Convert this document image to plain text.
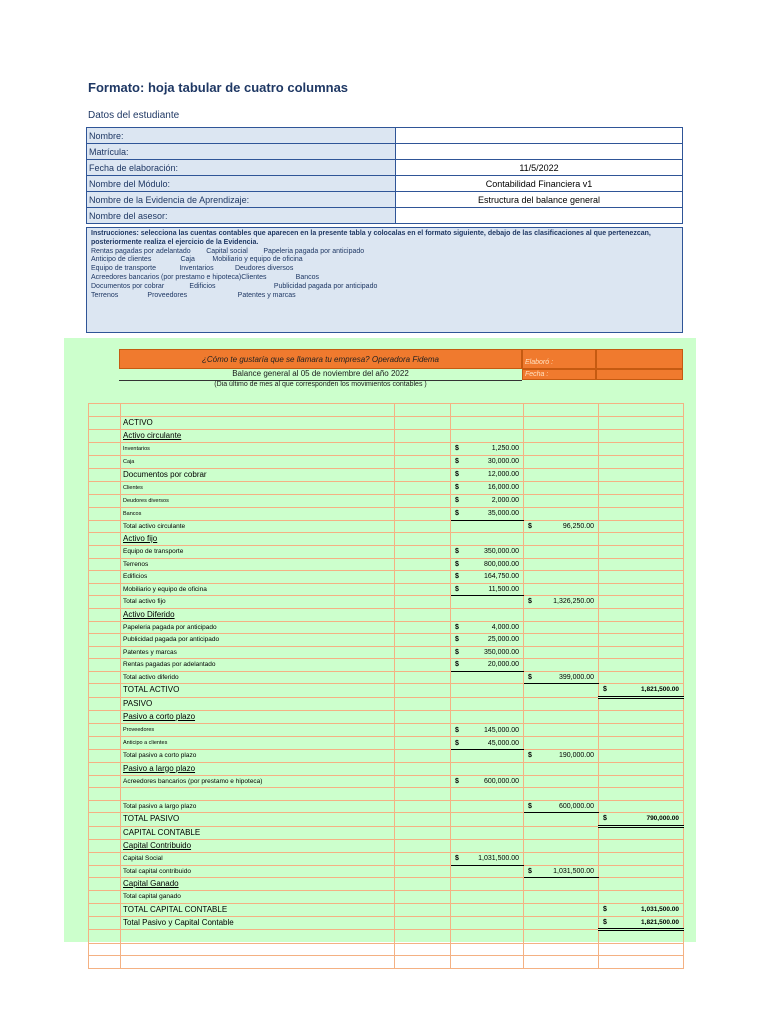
Formato: hoja tabular de cuatro columnas
Datos del estudiante
Nombre:	
Matrícula:	
Fecha de elaboración:	11/5/2022
Nombre del Módulo:	Contabilidad Financiera v1
Nombre de la Evidencia de Aprendizaje:	Estructura del balance general
Nombre del asesor:	
Instrucciones: selecciona las cuentas contables que aparecen en la presente tabla y colocalas en el formato siguiente, debajo de las clasificaciones al que pertenezcan, posteriormente realiza el ejercicio de la Evidencia.
Rentas pagadas por adelantado        Capital social        Papeleria pagada por anticipado
Anticipo de clientes               Caja         Mobiliario y equipo de oficina
Equipo de transporte            Inventarios           Deudores diversos
Acreedores bancarios (por prestamo e hipoteca)Clientes               Bancos
Documentos por cobrar             Edificios                              Publicidad pagada por anticipado
Terrenos               Proveedores                          Patentes y marcas
¿Cómo te gustaría que se llamara tu empresa? Operadora Fidema	Elaboró :
Fecha :
Balance general al 05 de noviembre del año 2022
(Dia último de mes al que corresponden los movimientos contables )

	ACTIVO				
	Activo circulante				
	Inventarios		$ 1,250.00		

	Caja		$ 30,000.00		

	Documentos por cobrar		$ 12,000.00		

	Clientes		$ 16,000.00		

	Deudores diversos		$ 2,000.00		

	Bancos		$ 35,000.00		

	Total activo circulante			$ 96,250.00	

	Activo fijo				
	Equipo de transporte		$ 350,000.00		

	Terrenos		$ 800,000.00		

	Edificios		$ 164,750.00		

	Mobiliario y equipo de oficina		$ 11,500.00		

	Total activo fijo			$ 1,326,250.00	

	Activo Diferido				
	Papeleria pagada por anticipado		$ 4,000.00		

	Publicidad pagada por anticipado		$ 25,000.00		

	Patentes y marcas		$ 350,000.00		

	Rentas pagadas por adelantado		$ 20,000.00		

	Total activo diferido			$ 399,000.00	

	TOTAL ACTIVO				$ 1,821,500.00

	PASIVO				
	Pasivo a corto plazo				
	Proveedores		$ 145,000.00		

	Anticipo a clientes		$ 45,000.00		

	Total pasivo a corto plazo			$ 190,000.00	

	Pasivo a largo plazo				
	Acreedores bancarios (por prestamo e hipoteca)		$ 600,000.00		

	Total pasivo a largo plazo			$ 600,000.00	

	TOTAL PASIVO				$ 790,000.00

	CAPITAL CONTABLE				
	Capital Contribuido				
	Capital Social		$ 1,031,500.00		

	Total capital contribuido			$ 1,031,500.00	

	Capital Ganado				
	Total capital ganado				
	TOTAL CAPITAL CONTABLE				$ 1,031,500.00

	Total Pasivo y Capital Contable				$ 1,821,500.00
